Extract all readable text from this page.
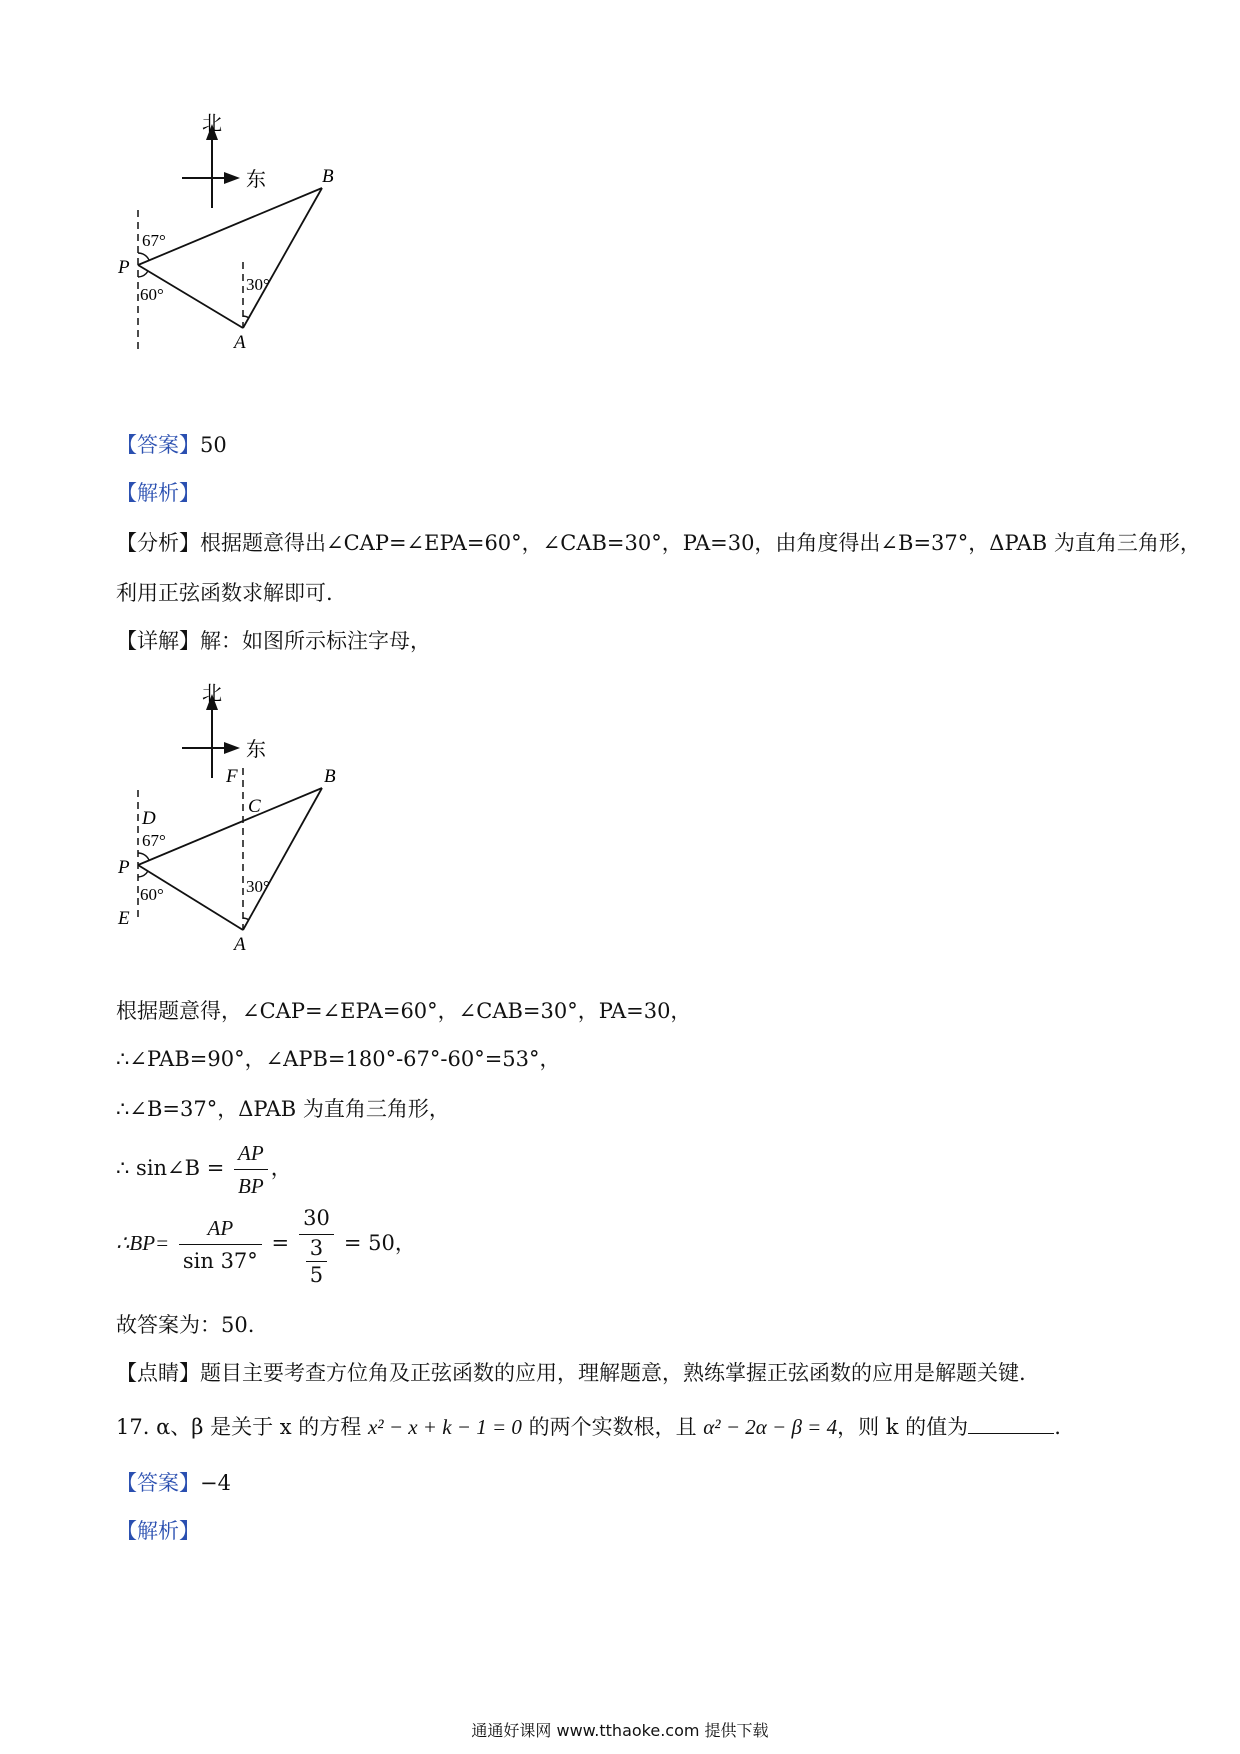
北
东	B
P
A
67°
60°
30°
【答案】50
【解析】
【分析】根据题意得出∠CAP=∠EPA=60°，∠CAB=30°，PA=30，由角度得出∠B=37°，ΔPAB 为直角三角形，
利用正弦函数求解即可.
【详解】解：如图所示标注字母，
北
东
F	B
C
D
P
E
A
67°
60°	30°
根据题意得，∠CAP=∠EPA=60°，∠CAB=30°，PA=30，
∴∠PAB=90°，∠APB=180°-67°-60°=53°，
∴∠B=37°，ΔPAB 为直角三角形，
∴ sin∠B = $\frac{AP}{BP}$ ，
∴BP= $\frac{AP}{\sin 37^\circ} = \frac{30}{\frac{3}{5}} = 50$，
故答案为：50.
【点睛】题目主要考查方位角及正弦函数的应用，理解题意，熟练掌握正弦函数的应用是解题关键.
17. α、β 是关于 x 的方程 x² − x + k − 1 = 0 的两个实数根，且 α² − 2α − β = 4，则 k 的值为	.
【答案】−4
【解析】
通通好课网 www.tthaoke.com 提供下载
